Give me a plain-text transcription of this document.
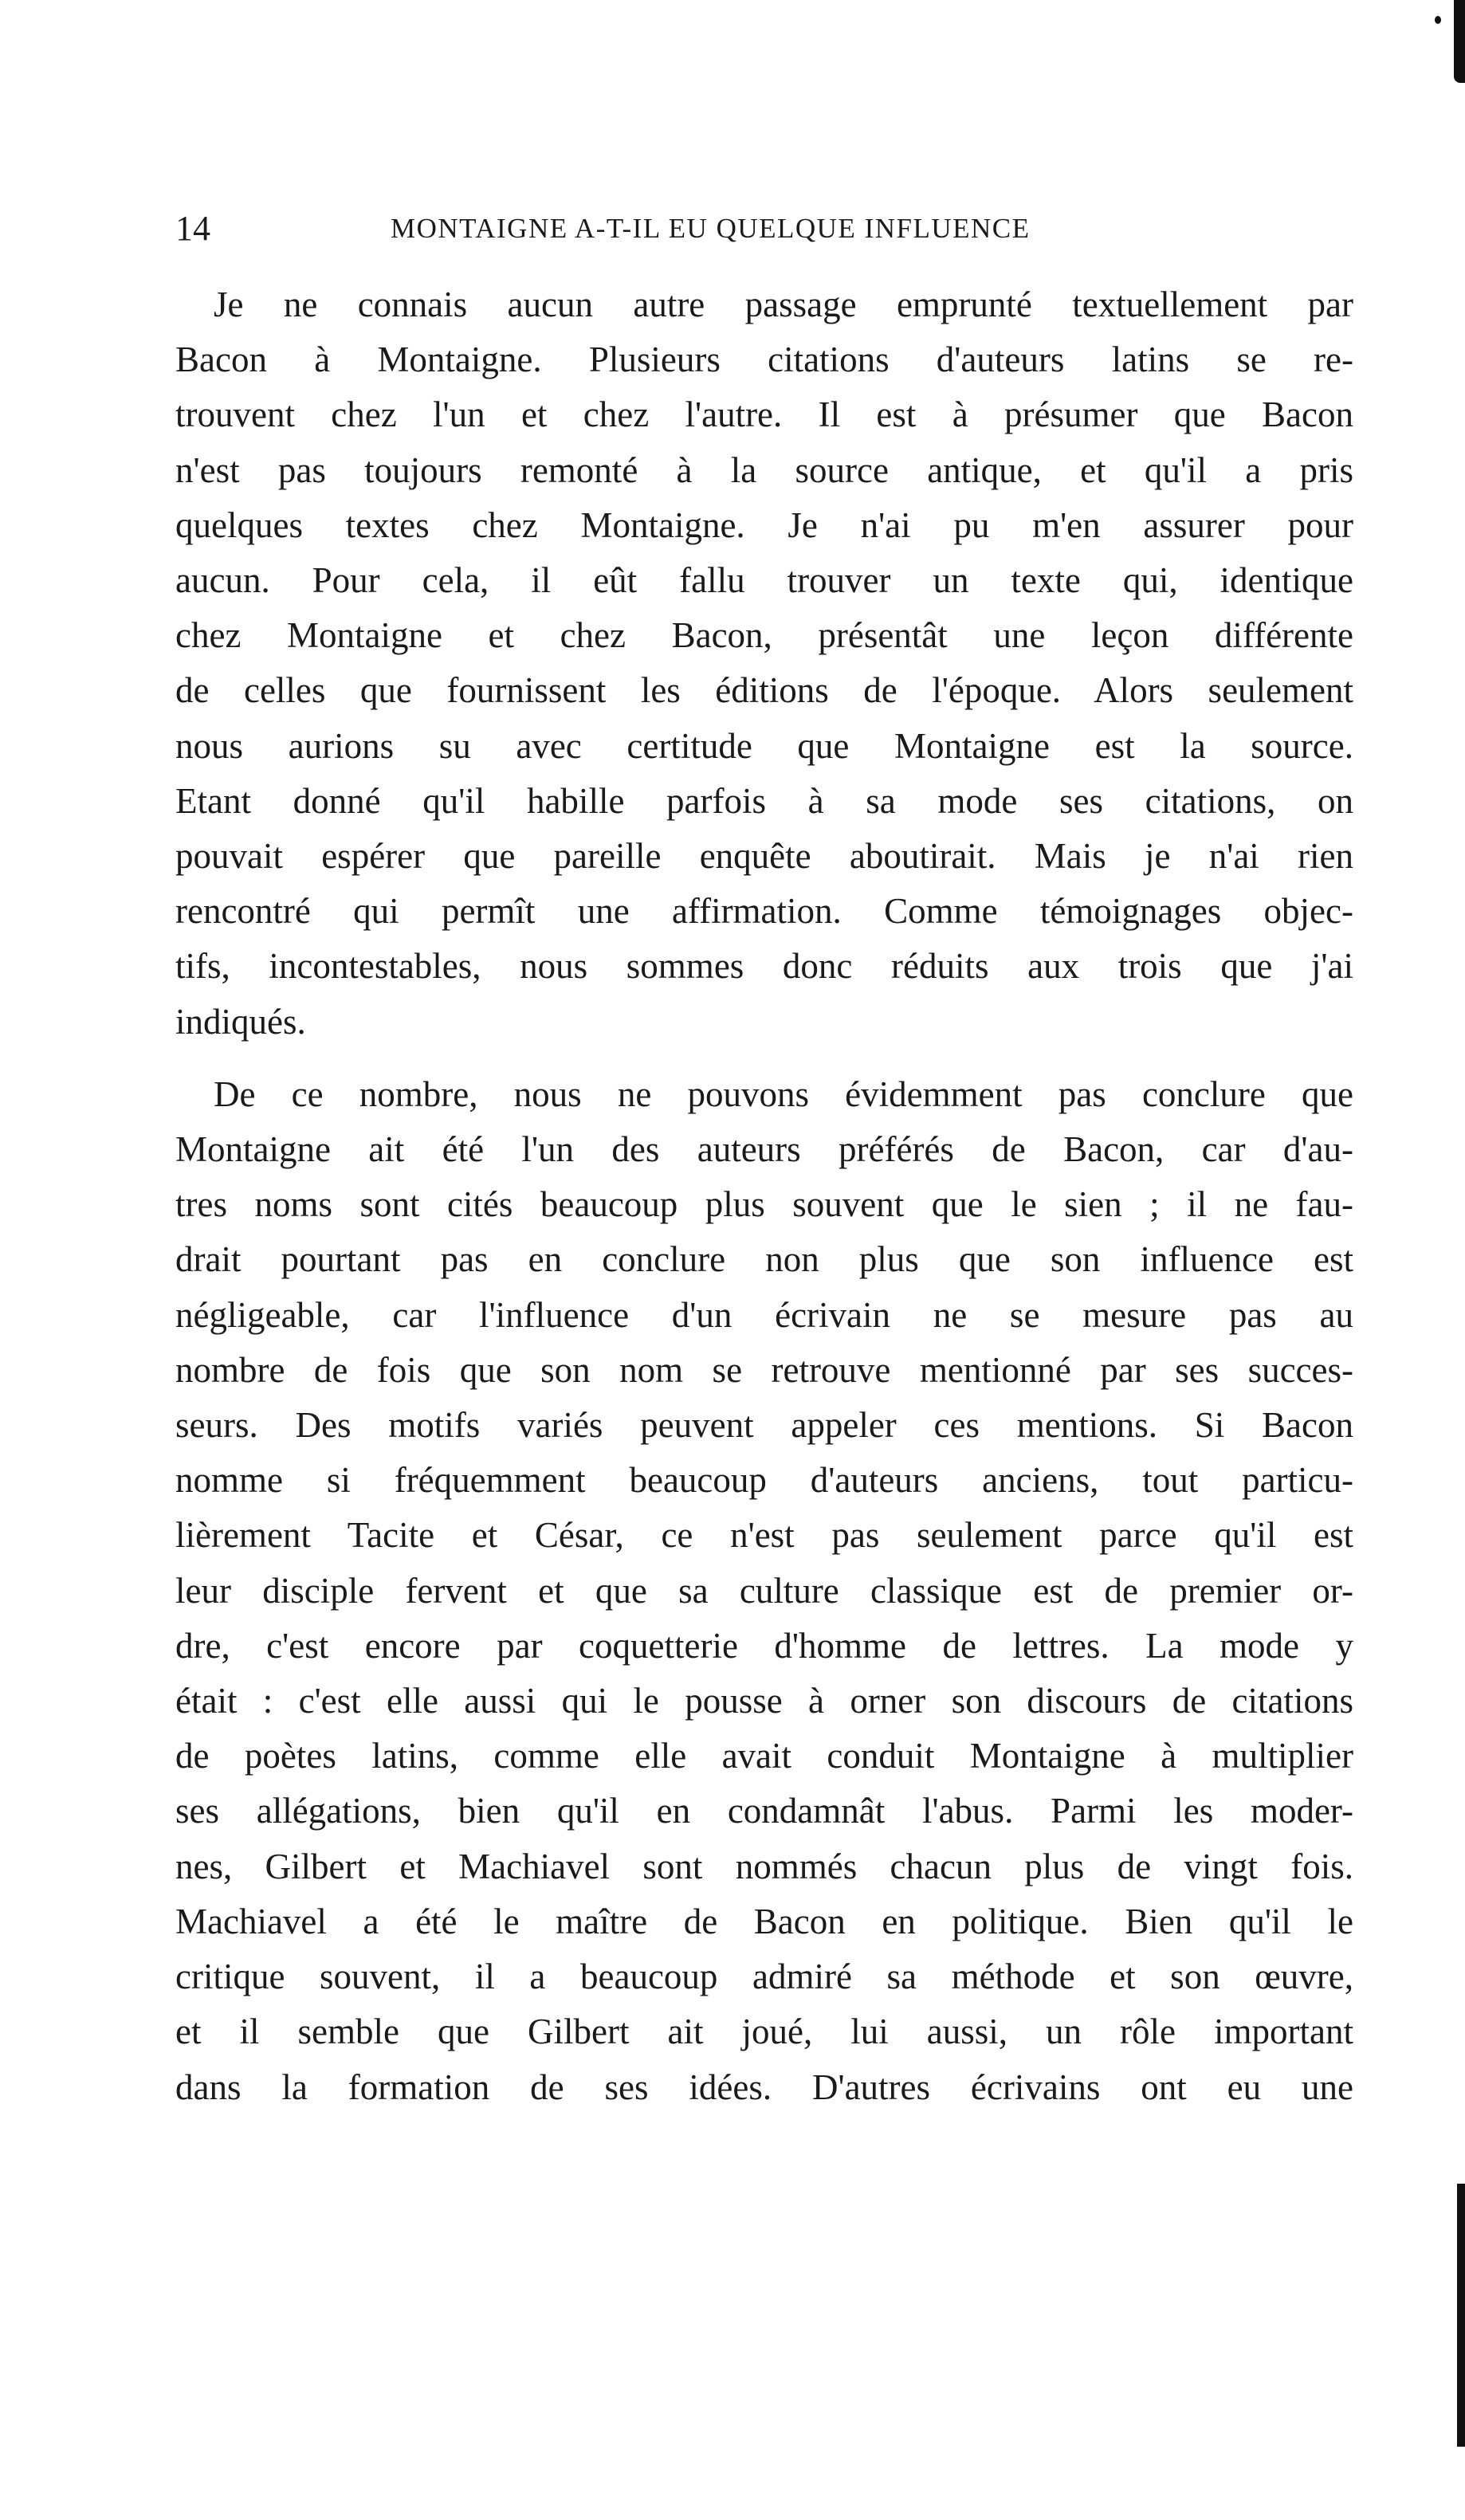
14	MONTAIGNE A-T-IL EU QUELQUE INFLUENCE

Je ne connais aucun autre passage emprunté textuellement par
Bacon à Montaigne. Plusieurs citations d'auteurs latins se re-
trouvent chez l'un et chez l'autre. Il est à présumer que Bacon
n'est pas toujours remonté à la source antique, et qu'il a pris
quelques textes chez Montaigne. Je n'ai pu m'en assurer pour
aucun. Pour cela, il eût fallu trouver un texte qui, identique
chez Montaigne et chez Bacon, présentât une leçon différente
de celles que fournissent les éditions de l'époque. Alors seulement
nous aurions su avec certitude que Montaigne est la source.
Etant donné qu'il habille parfois à sa mode ses citations, on
pouvait espérer que pareille enquête aboutirait. Mais je n'ai rien
rencontré qui permît une affirmation. Comme témoignages objec-
tifs, incontestables, nous sommes donc réduits aux trois que j'ai
indiqués.

De ce nombre, nous ne pouvons évidemment pas conclure que
Montaigne ait été l'un des auteurs préférés de Bacon, car d'au-
tres noms sont cités beaucoup plus souvent que le sien ; il ne fau-
drait pourtant pas en conclure non plus que son influence est
négligeable, car l'influence d'un écrivain ne se mesure pas au
nombre de fois que son nom se retrouve mentionné par ses succes-
seurs. Des motifs variés peuvent appeler ces mentions. Si Bacon
nomme si fréquemment beaucoup d'auteurs anciens, tout particu-
lièrement Tacite et César, ce n'est pas seulement parce qu'il est
leur disciple fervent et que sa culture classique est de premier or-
dre, c'est encore par coquetterie d'homme de lettres. La mode y
était : c'est elle aussi qui le pousse à orner son discours de citations
de poètes latins, comme elle avait conduit Montaigne à multiplier
ses allégations, bien qu'il en condamnât l'abus. Parmi les moder-
nes, Gilbert et Machiavel sont nommés chacun plus de vingt fois.
Machiavel a été le maître de Bacon en politique. Bien qu'il le
critique souvent, il a beaucoup admiré sa méthode et son œuvre,
et il semble que Gilbert ait joué, lui aussi, un rôle important
dans la formation de ses idées. D'autres écrivains ont eu une
